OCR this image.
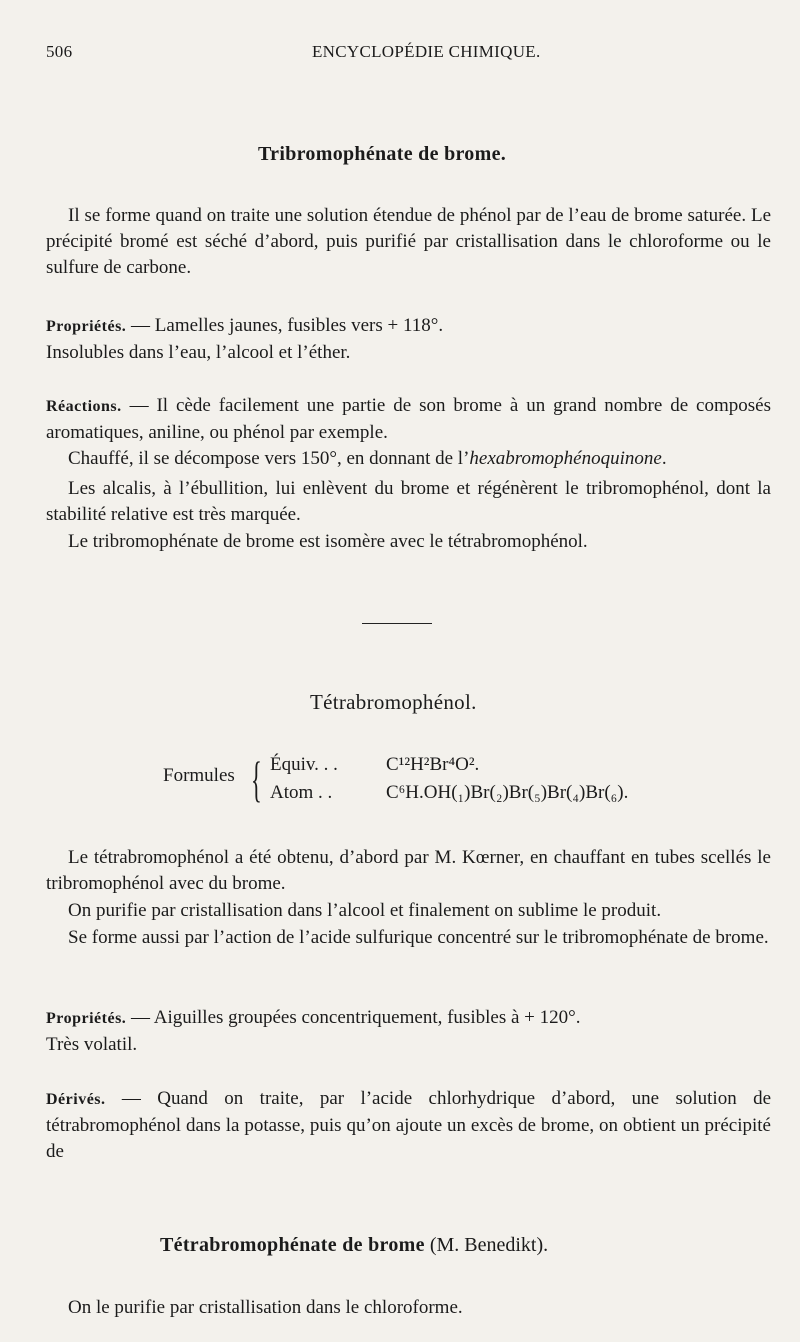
506	ENCYCLOPÉDIE CHIMIQUE.
Tribromophénate de brome.
Il se forme quand on traite une solution étendue de phénol par de l’eau de brome saturée. Le précipité bromé est séché d’abord, puis purifié par cristallisation dans le chloroforme ou le sulfure de carbone.
Propriétés. — Lamelles jaunes, fusibles vers + 118°.
Insolubles dans l’eau, l’alcool et l’éther.
Réactions. — Il cède facilement une partie de son brome à un grand nombre de composés aromatiques, aniline, ou phénol par exemple.
Chauffé, il se décompose vers 150°, en donnant de l’hexabromophénoquinone.
Les alcalis, à l’ébullition, lui enlèvent du brome et régénèrent le tribromophénol, dont la stabilité relative est très marquée.
Le tribromophénate de brome est isomère avec le tétrabromophénol.
Tétrabromophénol.
Formules { Équiv. . .	C¹²H²Br⁴O².
Atom . .	C⁶H.OH(₁)Br(₂)Br(₅)Br(₄)Br(₆).
Le tétrabromophénol a été obtenu, d’abord par M. Kœrner, en chauffant en tubes scellés le tribromophénol avec du brome.
On purifie par cristallisation dans l’alcool et finalement on sublime le produit.
Se forme aussi par l’action de l’acide sulfurique concentré sur le tribromophénate de brome.
Propriétés. — Aiguilles groupées concentriquement, fusibles à + 120°.
Très volatil.
Dérivés. — Quand on traite, par l’acide chlorhydrique d’abord, une solution de tétrabromophénol dans la potasse, puis qu’on ajoute un excès de brome, on obtient un précipité de
Tétrabromophénate de brome (M. Benedikt).
On le purifie par cristallisation dans le chloroforme.
